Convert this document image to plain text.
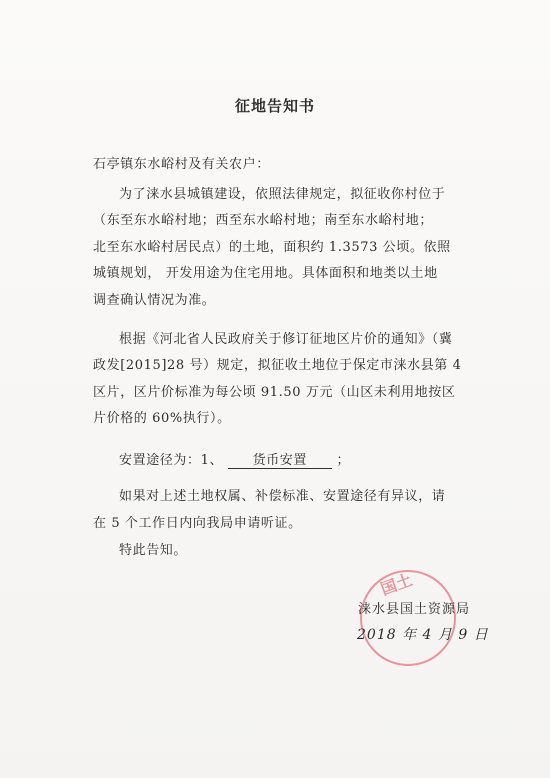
征地告知书
石亭镇东水峪村及有关农户：
为了涞水县城镇建设，依照法律规定，拟征收你村位于
（东至东水峪村地；西至东水峪村地；南至东水峪村地；
北至东水峪村居民点）的土地，面积约 1.3573 公顷。依照
城镇规划， 开发用途为住宅用地。具体面积和地类以土地
调查确认情况为准。
根据《河北省人民政府关于修订征地区片价的通知》（冀
政发[2015]28 号）规定，拟征收土地位于保定市涞水县第 4
区片，区片价标准为每公顷 91.50 万元（山区未利用地按区
片价格的 60%执行）。
安置途径为：1、 货币安置 ；
如果对上述土地权属、补偿标准、安置途径有异议，请
在 5 个工作日内向我局申请听证。
特此告知。
国土
涞水县国土资源局
2018 年 4 月 9 日
